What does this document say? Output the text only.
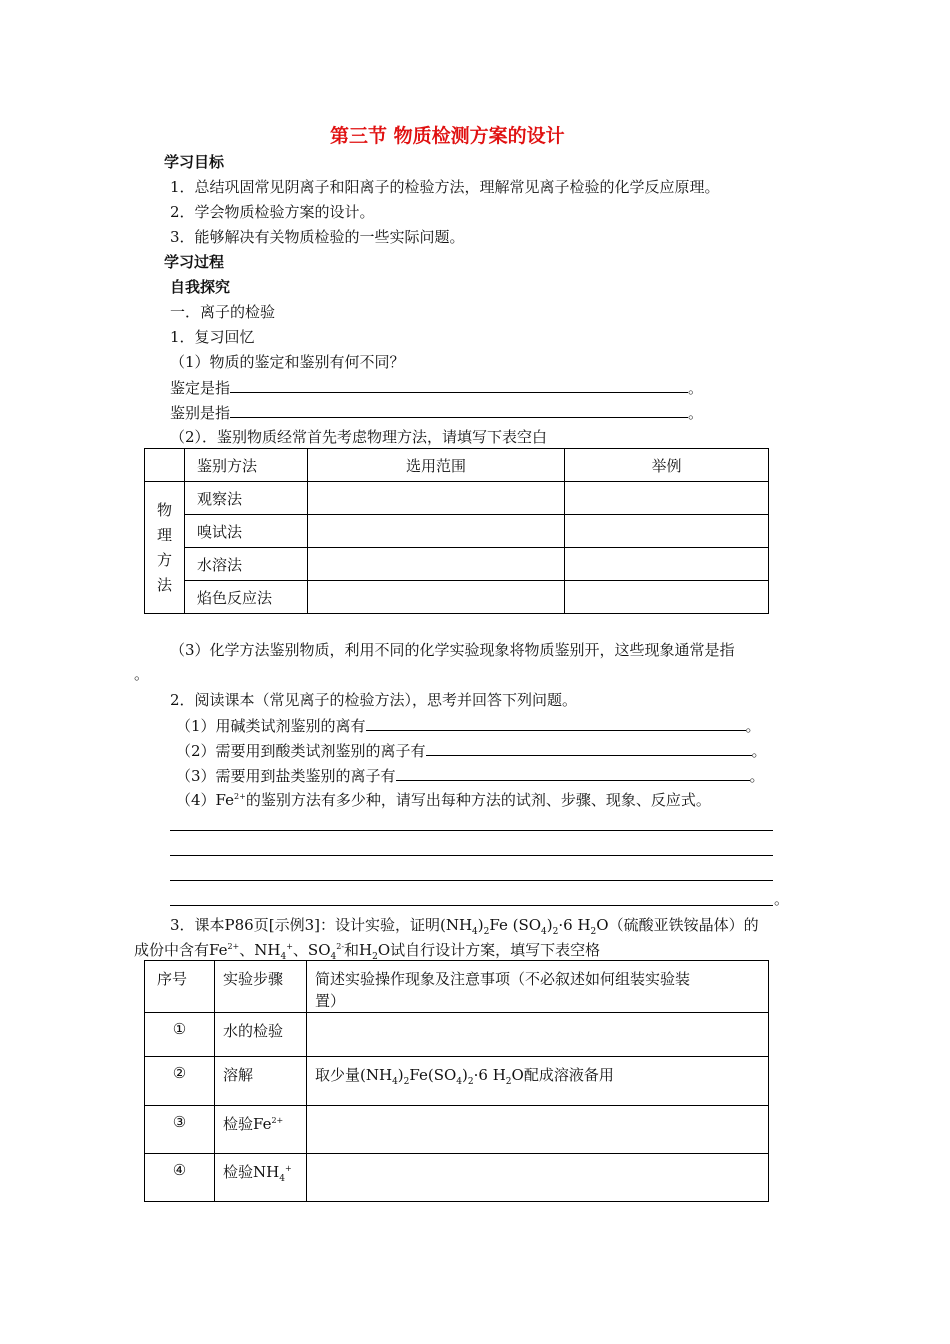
第三节 物质检测方案的设计
学习目标
1．总结巩固常见阴离子和阳离子的检验方法，理解常见离子检验的化学反应原理。
2．学会物质检验方案的设计。
3．能够解决有关物质检验的一些实际问题。
学习过程
自我探究
一．离子的检验
1．复习回忆
（1）物质的鉴定和鉴别有何不同？
鉴定是指	。
鉴别是指	。
（2）．鉴别物质经常首先考虑物理方法，请填写下表空白
	鉴别方法	选用范围	举例

物
理
方
法	观察法		
	嗅试法		
	水溶法		
	焰色反应法		
（3）化学方法鉴别物质，利用不同的化学实验现象将物质鉴别开，这些现象通常是指
。
2．阅读课本（常见离子的检验方法），思考并回答下列问题。
（1）用碱类试剂鉴别的离有	。
（2）需要用到酸类试剂鉴别的离子有	。
（3）需要用到盐类鉴别的离子有	。
$(4)Fe^{2+}$的鉴别方法有多少种，请写出每种方法的试剂、步骤、现象、反应式。
。
3．课本P86页[示例3]：设计实验，证明$(NH_4)_2Fe$ $(SO_4)_2\cdot 6$ $H_2O$（硫酸亚铁铵晶体）的
成份中含有$Fe^{2+}$、$NH_4^+$、$SO_4^{2-}$和$H_2O$试自行设计方案，填写下表空格
序号	实验步骤	简述实验操作现象及注意事项（不必叙述如何组装实验装
置）

①	水的检验	
②	溶解	取少量$(NH_4)_2Fe(SO_4)_2\cdot 6$ $H_2O$配成溶液备用
③	检验$Fe^{2+}$	
④	检验$NH_4^+$	
